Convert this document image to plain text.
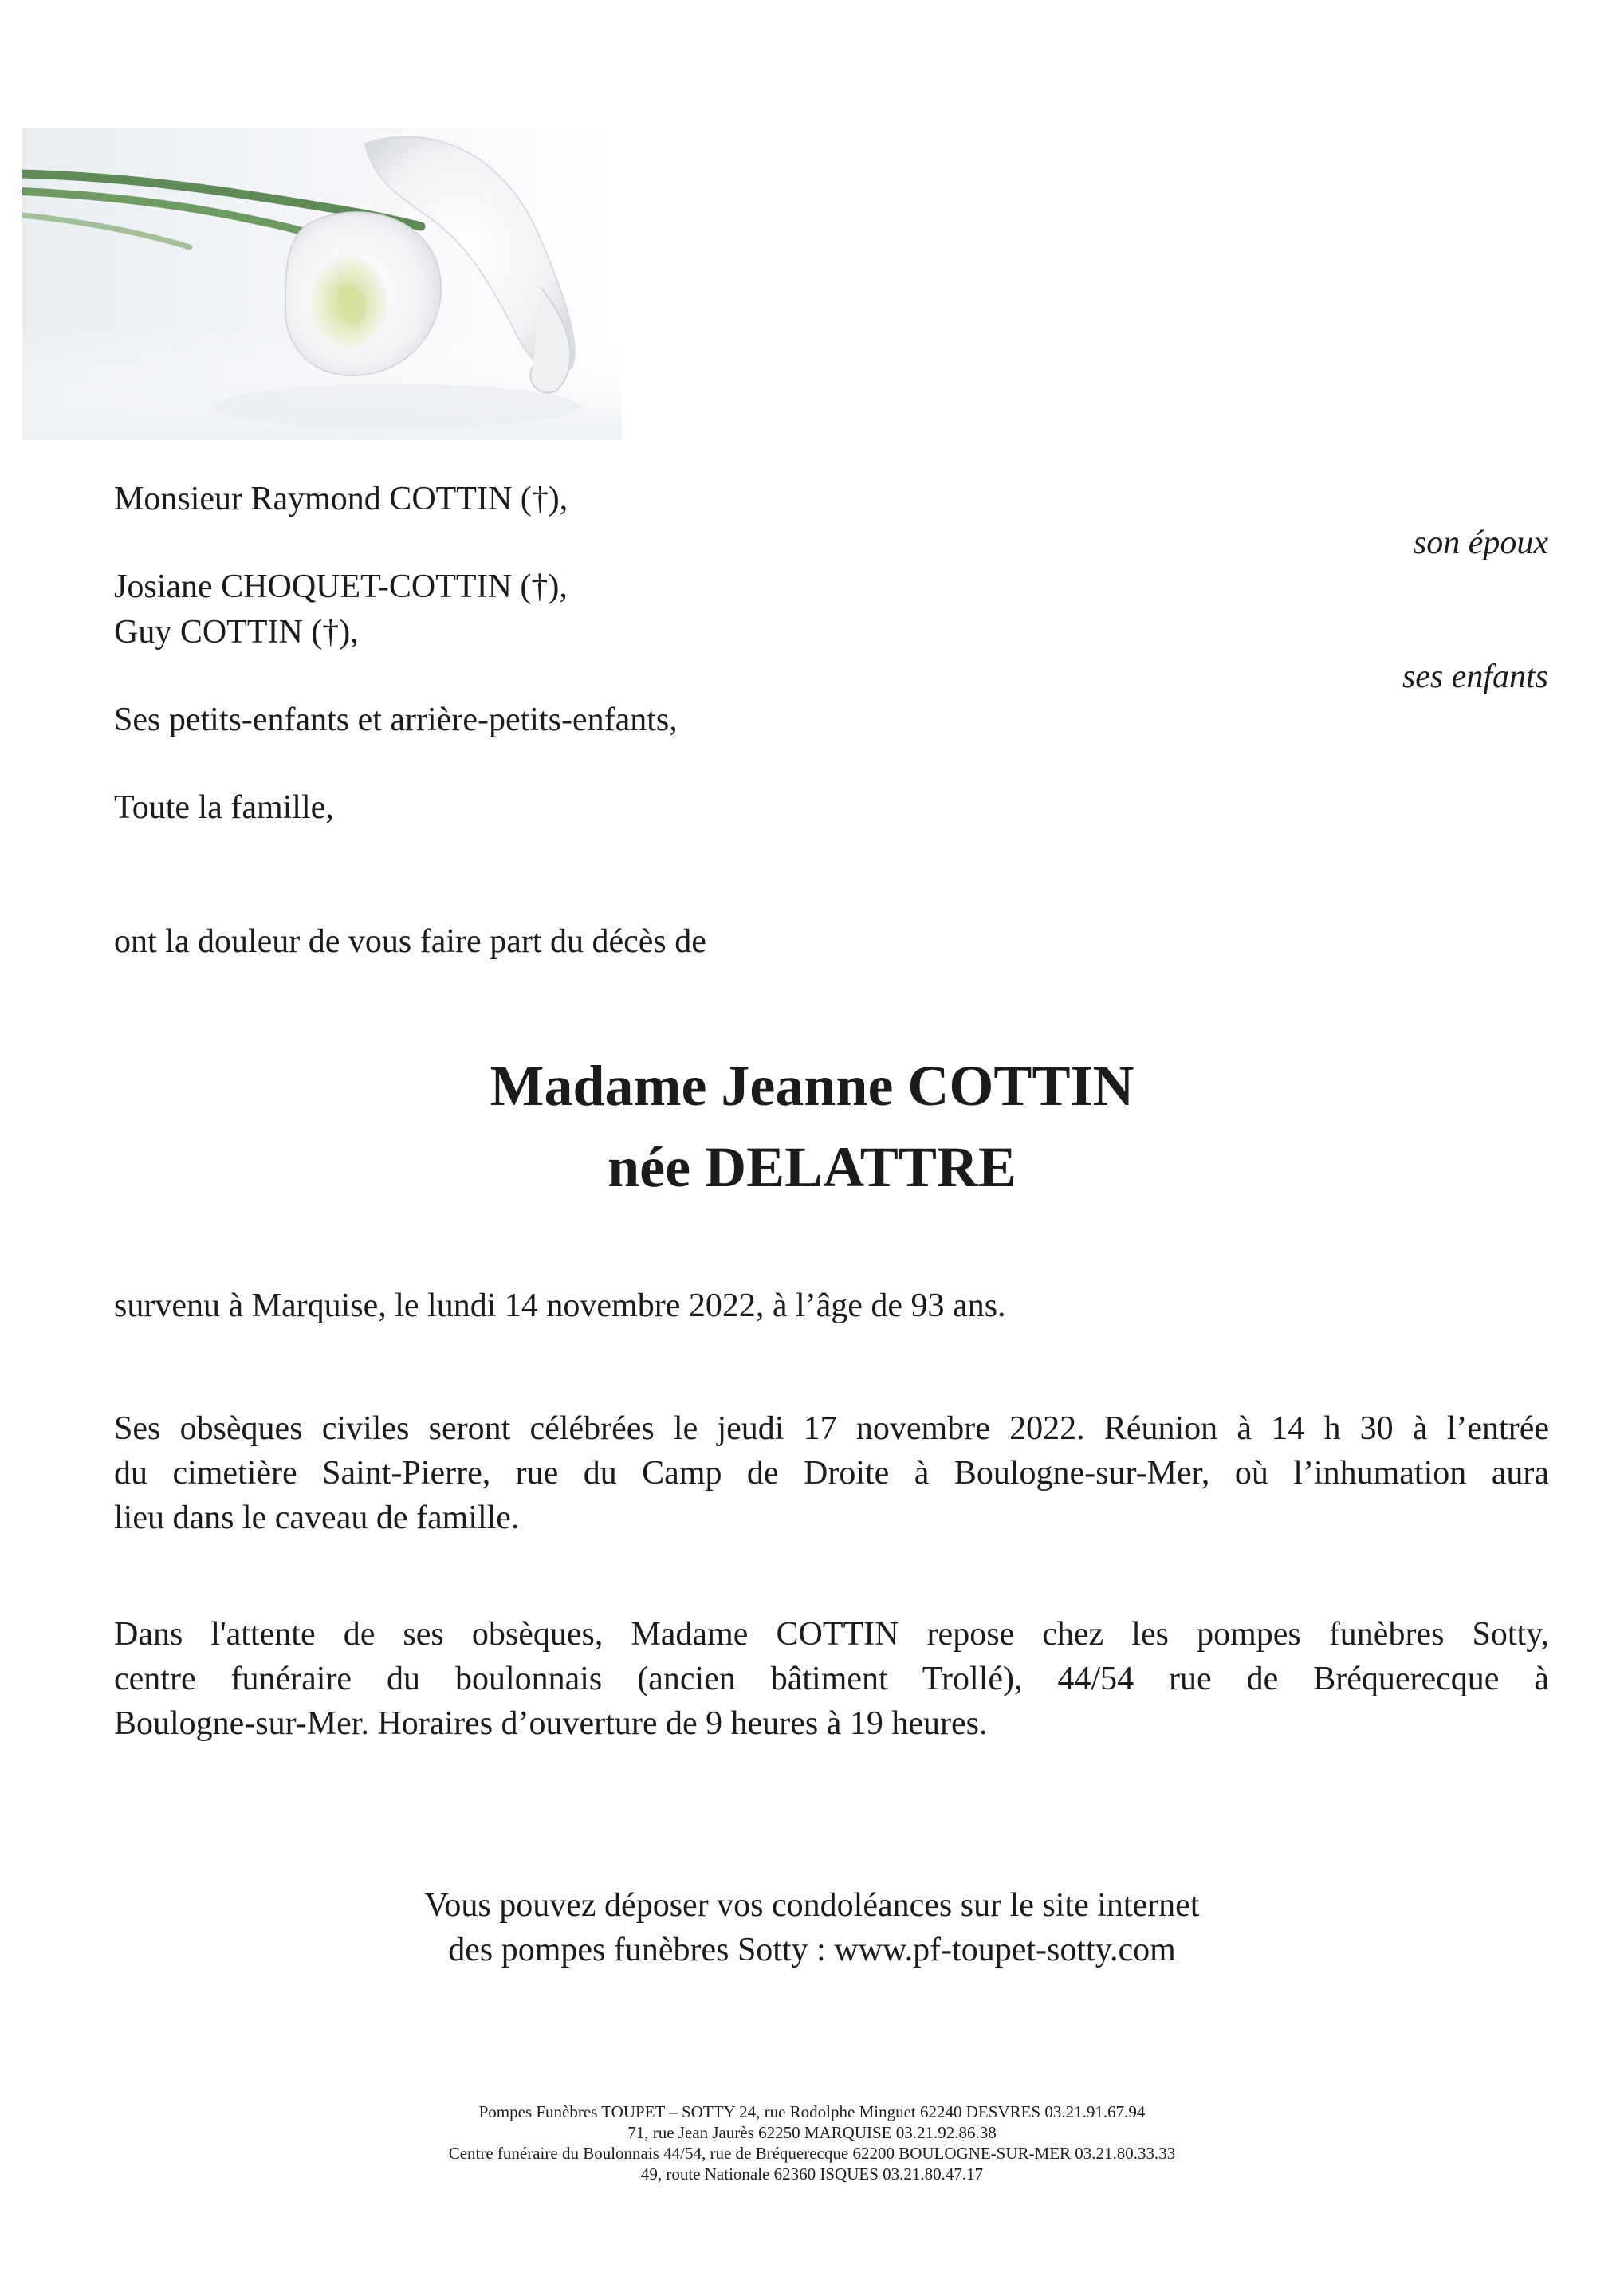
Monsieur Raymond COTTIN (†),
son époux
Josiane CHOQUET-COTTIN (†),
Guy COTTIN (†),
ses enfants
Ses petits-enfants et arrière-petits-enfants,
Toute la famille,
ont la douleur de vous faire part du décès de
Madame Jeanne COTTIN
née DELATTRE
survenu à Marquise, le lundi 14 novembre 2022, à l’âge de 93 ans.

Ses obsèques civiles seront célébrées le jeudi 17 novembre 2022. Réunion à 14 h 30 à l’entrée
du cimetière Saint-Pierre, rue du Camp de Droite à Boulogne-sur-Mer, où l’inhumation aura
lieu dans le caveau de famille.

Dans l'attente de ses obsèques, Madame COTTIN repose chez les pompes funèbres Sotty,
centre funéraire du boulonnais (ancien bâtiment Trollé), 44/54 rue de Bréquerecque à
Boulogne-sur-Mer. Horaires d’ouverture de 9 heures à 19 heures.

Vous pouvez déposer vos condoléances sur le site internet
des pompes funèbres Sotty : www.pf-toupet-sotty.com
Pompes Funèbres TOUPET – SOTTY 24, rue Rodolphe Minguet 62240 DESVRES 03.21.91.67.94
71, rue Jean Jaurès 62250 MARQUISE 03.21.92.86.38
Centre funéraire du Boulonnais 44/54, rue de Bréquerecque 62200 BOULOGNE-SUR-MER 03.21.80.33.33
49, route Nationale 62360 ISQUES 03.21.80.47.17
